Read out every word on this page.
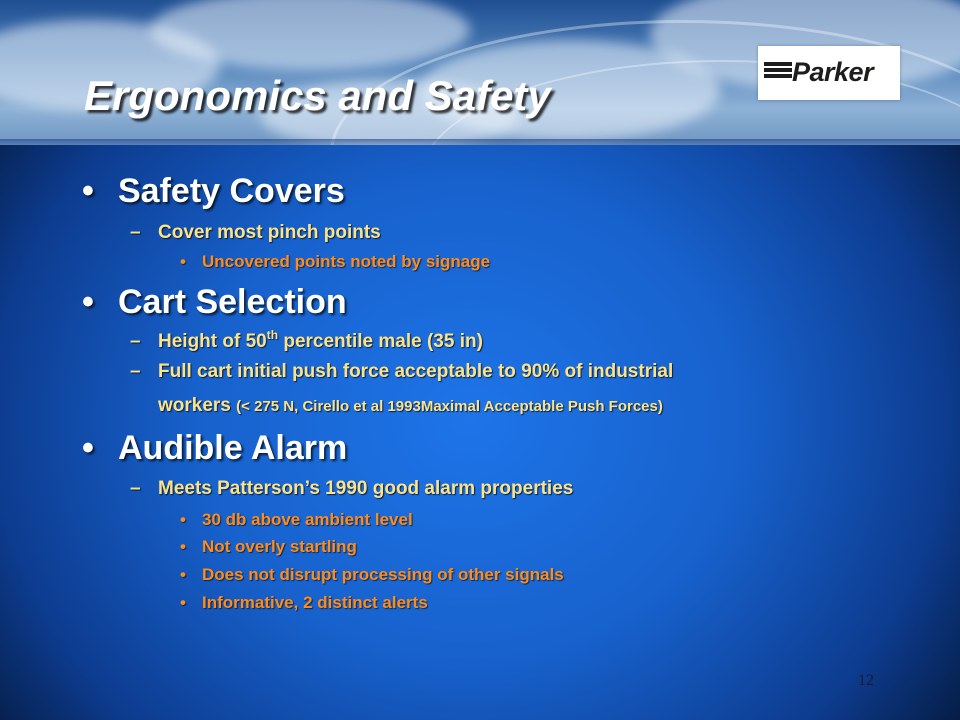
Parker
Ergonomics and Safety
• Safety Covers
– Cover most pinch points
• Uncovered points noted by signage
• Cart Selection
– Height of 50th percentile male (35 in)
– Full cart initial push force acceptable to 90% of industrial
workers (< 275 N, Cirello et al 1993Maximal Acceptable Push Forces)
• Audible Alarm
– Meets Patterson’s 1990 good alarm properties
• 30 db above ambient level
• Not overly startling
• Does not disrupt processing of other signals
• Informative, 2 distinct alerts
12
